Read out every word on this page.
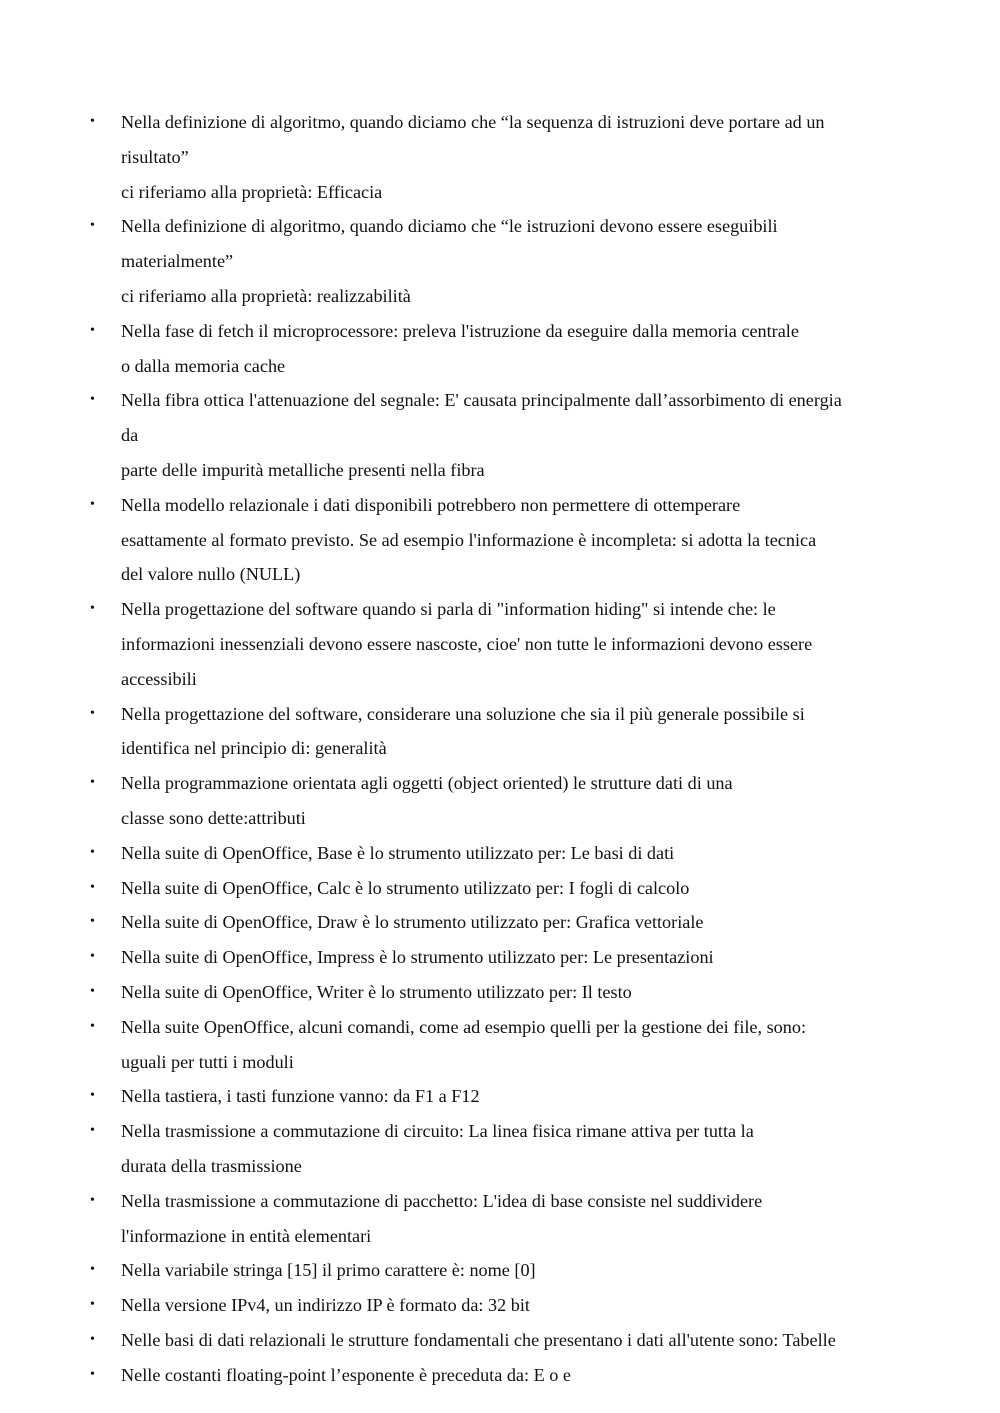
• Nella definizione di algoritmo, quando diciamo che “la sequenza di istruzioni deve portare ad un
risultato”
ci riferiamo alla proprietà: Efficacia
• Nella definizione di algoritmo, quando diciamo che “le istruzioni devono essere eseguibili
materialmente”
ci riferiamo alla proprietà: realizzabilità
• Nella fase di fetch il microprocessore: preleva l'istruzione da eseguire dalla memoria centrale
o dalla memoria cache
• Nella fibra ottica l'attenuazione del segnale: E' causata principalmente dall’assorbimento di energia
da
parte delle impurità metalliche presenti nella fibra
• Nella modello relazionale i dati disponibili potrebbero non permettere di ottemperare
esattamente al formato previsto. Se ad esempio l'informazione è incompleta: si adotta la tecnica
del valore nullo (NULL)
• Nella progettazione del software quando si parla di "information hiding" si intende che: le
informazioni inessenziali devono essere nascoste, cioe' non tutte le informazioni devono essere
accessibili
• Nella progettazione del software, considerare una soluzione che sia il più generale possibile si
identifica nel principio di: generalità
• Nella programmazione orientata agli oggetti (object oriented) le strutture dati di una
classe sono dette:attributi
• Nella suite di OpenOffice, Base è lo strumento utilizzato per: Le basi di dati
• Nella suite di OpenOffice, Calc è lo strumento utilizzato per: I fogli di calcolo
• Nella suite di OpenOffice, Draw è lo strumento utilizzato per: Grafica vettoriale
• Nella suite di OpenOffice, Impress è lo strumento utilizzato per: Le presentazioni
• Nella suite di OpenOffice, Writer è lo strumento utilizzato per: Il testo
• Nella suite OpenOffice, alcuni comandi, come ad esempio quelli per la gestione dei file, sono:
uguali per tutti i moduli
• Nella tastiera, i tasti funzione vanno: da F1 a F12
• Nella trasmissione a commutazione di circuito: La linea fisica rimane attiva per tutta la
durata della trasmissione
• Nella trasmissione a commutazione di pacchetto: L'idea di base consiste nel suddividere
l'informazione in entità elementari
• Nella variabile stringa [15] il primo carattere è: nome [0]
• Nella versione IPv4, un indirizzo IP è formato da: 32 bit
• Nelle basi di dati relazionali le strutture fondamentali che presentano i dati all'utente sono: Tabelle
• Nelle costanti floating-point l’esponente è preceduta da: E o e
